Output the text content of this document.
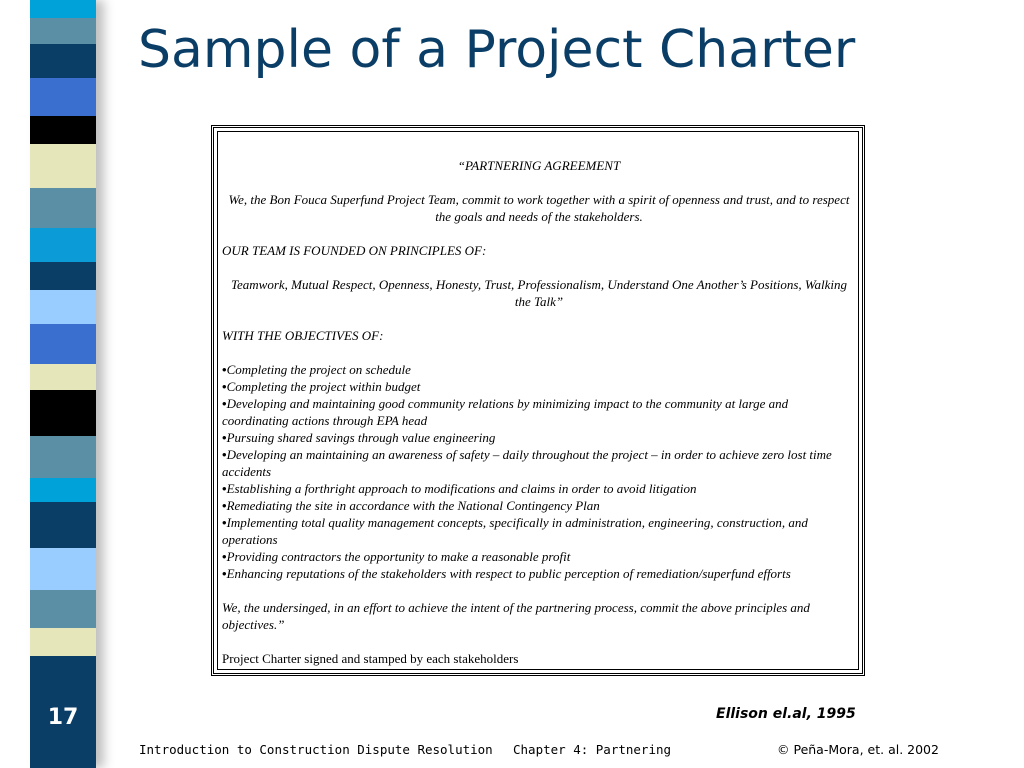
17
Sample of a Project Charter

“PARTNERING AGREEMENT

We, the Bon Fouca Superfund Project Team, commit to work together with a spirit of openness and trust, and to respect the goals and needs of the stakeholders.

OUR TEAM IS FOUNDED ON PRINCIPLES OF:

Teamwork, Mutual Respect, Openness, Honesty, Trust, Professionalism, Understand One Another’s Positions, Walking the Talk”

WITH THE OBJECTIVES OF:

•Completing the project on schedule
•Completing the project within budget
•Developing and maintaining good community relations by minimizing impact to the community at large and coordinating actions through EPA head
•Pursuing shared savings through value engineering
•Developing an maintaining an awareness of safety – daily throughout the project – in order to achieve zero lost time accidents
•Establishing a forthright approach to modifications and claims in order to avoid litigation
•Remediating the site in accordance with the National Contingency Plan
•Implementing total quality management concepts, specifically in administration, engineering, construction, and operations
•Providing contractors the opportunity to make a reasonable profit
•Enhancing reputations of the stakeholders with respect to public perception of remediation/superfund efforts

We, the undersinged, in an effort to achieve the intent of the partnering process, commit the above principles and objectives.”

Project Charter signed and stamped by each stakeholders

Ellison el.al, 1995
Introduction to Construction Dispute Resolution Chapter 4: Partnering	© Peña-Mora, et. al. 2002
